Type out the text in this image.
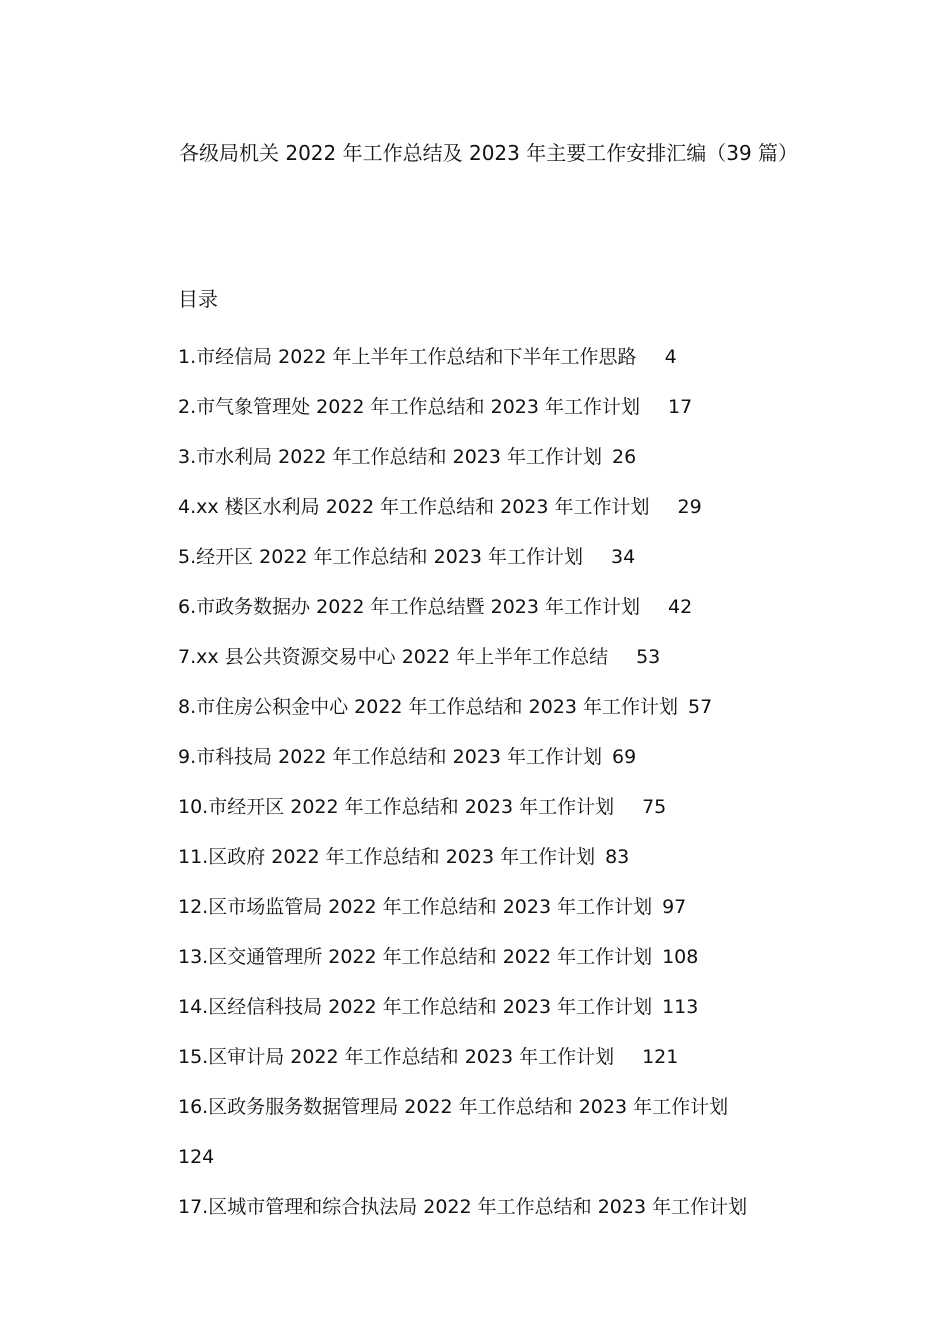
各级局机关 2022 年工作总结及 2023 年主要工作安排汇编（39 篇）
目录
1.市经信局 2022 年上半年工作总结和下半年工作思路 4
2.市气象管理处 2022 年工作总结和 2023 年工作计划 17
3.市水利局 2022 年工作总结和 2023 年工作计划 26
4.xx 楼区水利局 2022 年工作总结和 2023 年工作计划 29
5.经开区 2022 年工作总结和 2023 年工作计划 34
6.市政务数据办 2022 年工作总结暨 2023 年工作计划 42
7.xx 县公共资源交易中心 2022 年上半年工作总结 53
8.市住房公积金中心 2022 年工作总结和 2023 年工作计划 57
9.市科技局 2022 年工作总结和 2023 年工作计划 69
10.市经开区 2022 年工作总结和 2023 年工作计划 75
11.区政府 2022 年工作总结和 2023 年工作计划 83
12.区市场监管局 2022 年工作总结和 2023 年工作计划 97
13.区交通管理所 2022 年工作总结和 2022 年工作计划 108
14.区经信科技局 2022 年工作总结和 2023 年工作计划 113
15.区审计局 2022 年工作总结和 2023 年工作计划 121
16.区政务服务数据管理局 2022 年工作总结和 2023 年工作计划
124
17.区城市管理和综合执法局 2022 年工作总结和 2023 年工作计划
